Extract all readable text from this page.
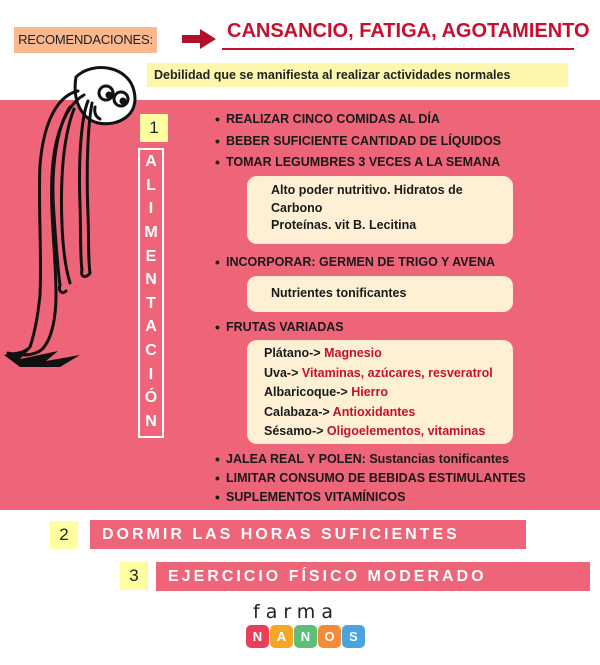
RECOMENDACIONES:	CANSANCIO, FATIGA, AGOTAMIENTO
Debilidad que se manifiesta al realizar actividades normales
1
A
L
I
M
E
N
T
A
C
I
Ó
N
• REALIZAR CINCO COMIDAS AL DÍA
• BEBER SUFICIENTE CANTIDAD DE LÍQUIDOS
• TOMAR LEGUMBRES 3 VECES A LA SEMANA
• INCORPORAR: GERMEN DE TRIGO Y AVENA
• FRUTAS VARIADAS
• JALEA REAL Y POLEN: Sustancias tonificantes
• LIMITAR CONSUMO DE BEBIDAS ESTIMULANTES
• SUPLEMENTOS VITAMÍNICOS
Alto poder nutritivo. Hidratos de
Carbono
Proteínas. vit B. Lecitina
Nutrientes tonificantes
Plátano-> Magnesio
Uva-> Vitaminas, azúcares, resveratrol
Albaricoque-> Hierro
Calabaza-> Antioxidantes
Sésamo-> Oligoelementos, vitaminas
2	DORMIR LAS HORAS SUFICIENTES
3	EJERCICIO FÍSICO MODERADO
farma
N	A	N	O	S
